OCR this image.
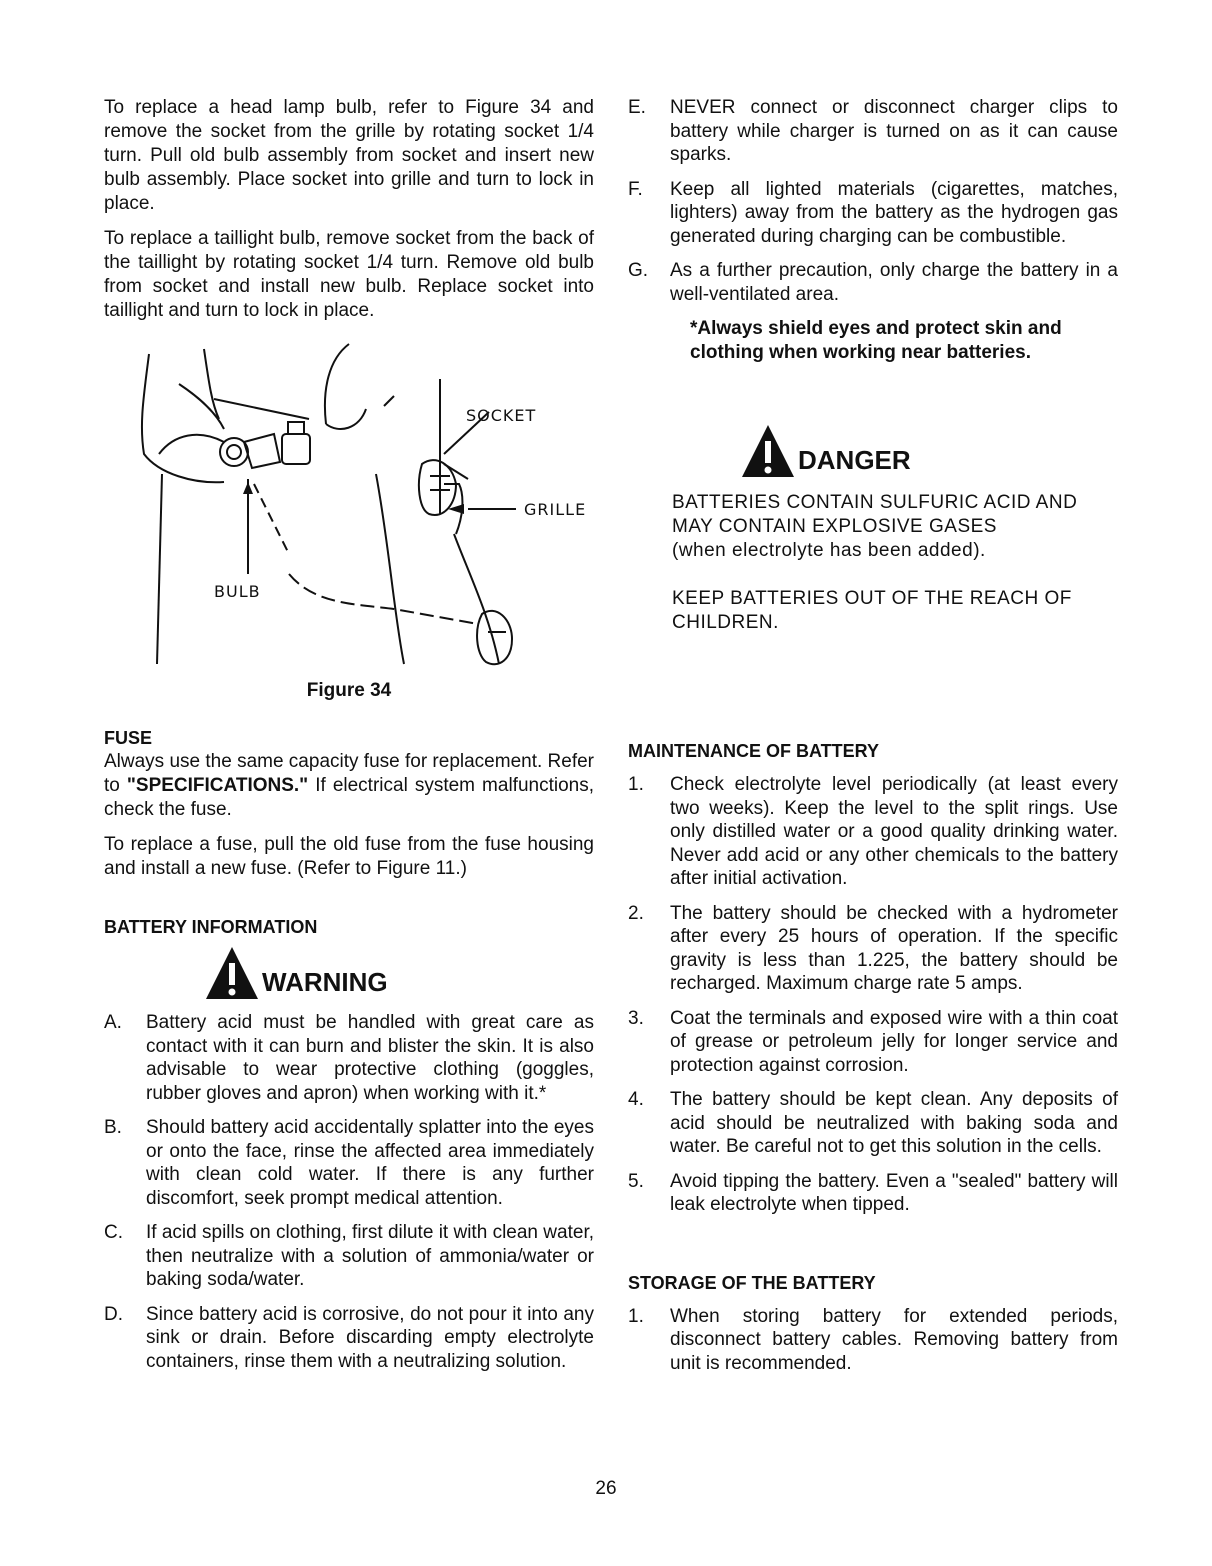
To replace a head lamp bulb, refer to Figure 34 and remove the socket from the grille by rotating socket 1/4 turn. Pull old bulb assembly from socket and insert new bulb assembly. Place socket into grille and turn to lock in place.

To replace a taillight bulb, remove socket from the back of the taillight by rotating socket 1/4 turn. Remove old bulb from socket and install new bulb. Replace socket into taillight and turn to lock in place.

SOCKET
GRILLE
BULB
Figure 34
FUSE

Always use the same capacity fuse for replacement. Refer to "SPECIFICATIONS." If electrical system malfunctions, check the fuse.

To replace a fuse, pull the old fuse from the fuse housing and install a new fuse. (Refer to Figure 11.)

BATTERY INFORMATION
WARNING
A.	Battery acid must be handled with great care as contact with it can burn and blister the skin. It is also advisable to wear protective clothing (goggles, rubber gloves and apron) when working with it.*
B.	Should battery acid accidentally splatter into the eyes or onto the face, rinse the affected area immediately with clean cold water. If there is any further discomfort, seek prompt medical attention.
C.	If acid spills on clothing, first dilute it with clean water, then neutralize with a solution of ammonia/water or baking soda/water.
D.	Since battery acid is corrosive, do not pour it into any sink or drain. Before discarding empty electrolyte containers, rinse them with a neutralizing solution.
E.	NEVER connect or disconnect charger clips to battery while charger is turned on as it can cause sparks.
F.	Keep all lighted materials (cigarettes, matches, lighters) away from the battery as the hydrogen gas generated during charging can be combustible.
G.	As a further precaution, only charge the battery in a well-ventilated area.
*Always shield eyes and protect skin and clothing when working near batteries.
DANGER
BATTERIES CONTAIN SULFURIC ACID AND MAY CONTAIN EXPLOSIVE GASES
(when electrolyte has been added).
KEEP BATTERIES OUT OF THE REACH OF CHILDREN.
MAINTENANCE OF BATTERY
1.	Check electrolyte level periodically (at least every two weeks). Keep the level to the split rings. Use only distilled water or a good quality drinking water. Never add acid or any other chemicals to the battery after initial activation.
2.	The battery should be checked with a hydrometer after every 25 hours of operation. If the specific gravity is less than 1.225, the battery should be recharged. Maximum charge rate 5 amps.
3.	Coat the terminals and exposed wire with a thin coat of grease or petroleum jelly for longer service and protection against corrosion.
4.	The battery should be kept clean. Any deposits of acid should be neutralized with baking soda and water. Be careful not to get this solution in the cells.
5.	Avoid tipping the battery. Even a "sealed" battery will leak electrolyte when tipped.
STORAGE OF THE BATTERY
1.	When storing battery for extended periods, disconnect battery cables. Removing battery from unit is recommended.
26
